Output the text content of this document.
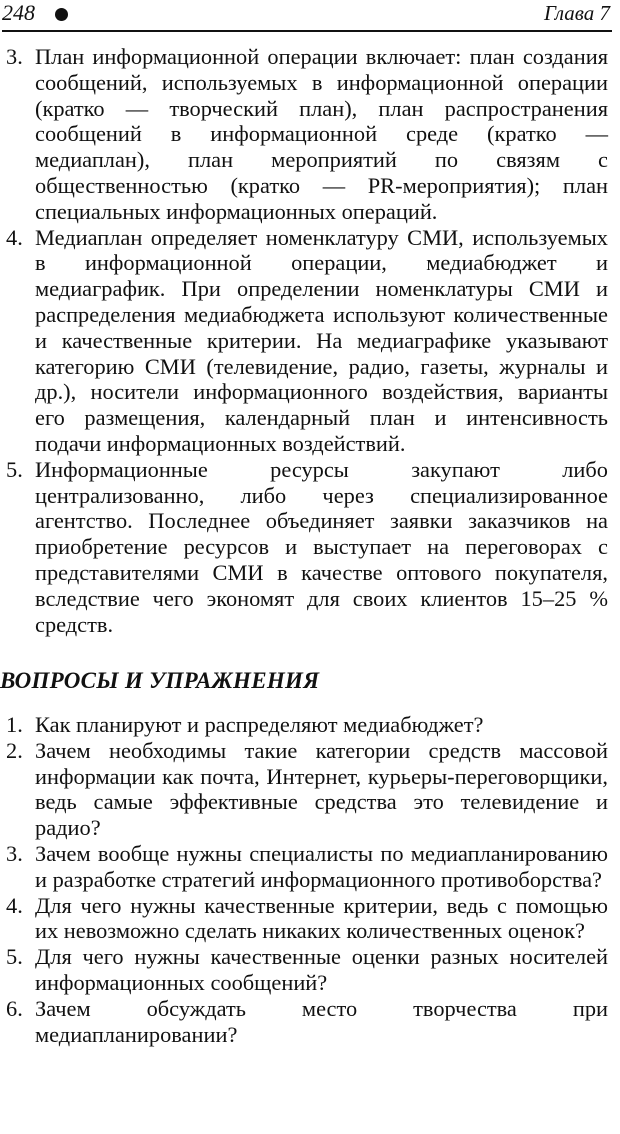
248	Глава 7
3. План информационной операции включает: план создания сообщений, используемых в информационной операции (кратко — творческий план), план распространения сообщений в информационной среде (кратко — медиаплан), план мероприятий по связям с общественностью (кратко — PR-мероприятия); план специальных информационных операций.
4. Медиаплан определяет номенклатуру СМИ, используемых в информационной операции, медиабюджет и медиаграфик. При определении номенклатуры СМИ и распределения медиабюджета используют количественные и качественные критерии. На медиаграфике указывают категорию СМИ (телевидение, радио, газеты, журналы и др.), носители информационного воздействия, варианты его размещения, календарный план и интенсивность подачи информационных воздействий.
5. Информационные ресурсы закупают либо централизованно, либо через специализированное агентство. Последнее объединяет заявки заказчиков на приобретение ресурсов и выступает на переговорах с представителями СМИ в качестве оптового покупателя, вследствие чего экономят для своих клиентов 15–25 % средств.
ВОПРОСЫ И УПРАЖНЕНИЯ
1. Как планируют и распределяют медиабюджет?
2. Зачем необходимы такие категории средств массовой информации как почта, Интернет, курьеры-переговорщики, ведь самые эффективные средства это телевидение и радио?
3. Зачем вообще нужны специалисты по медиапланированию и разработке стратегий информационного противоборства?
4. Для чего нужны качественные критерии, ведь с помощью их невозможно сделать никаких количественных оценок?
5. Для чего нужны качественные оценки разных носителей информационных сообщений?
6. Зачем обсуждать место творчества при медиапланировании?
